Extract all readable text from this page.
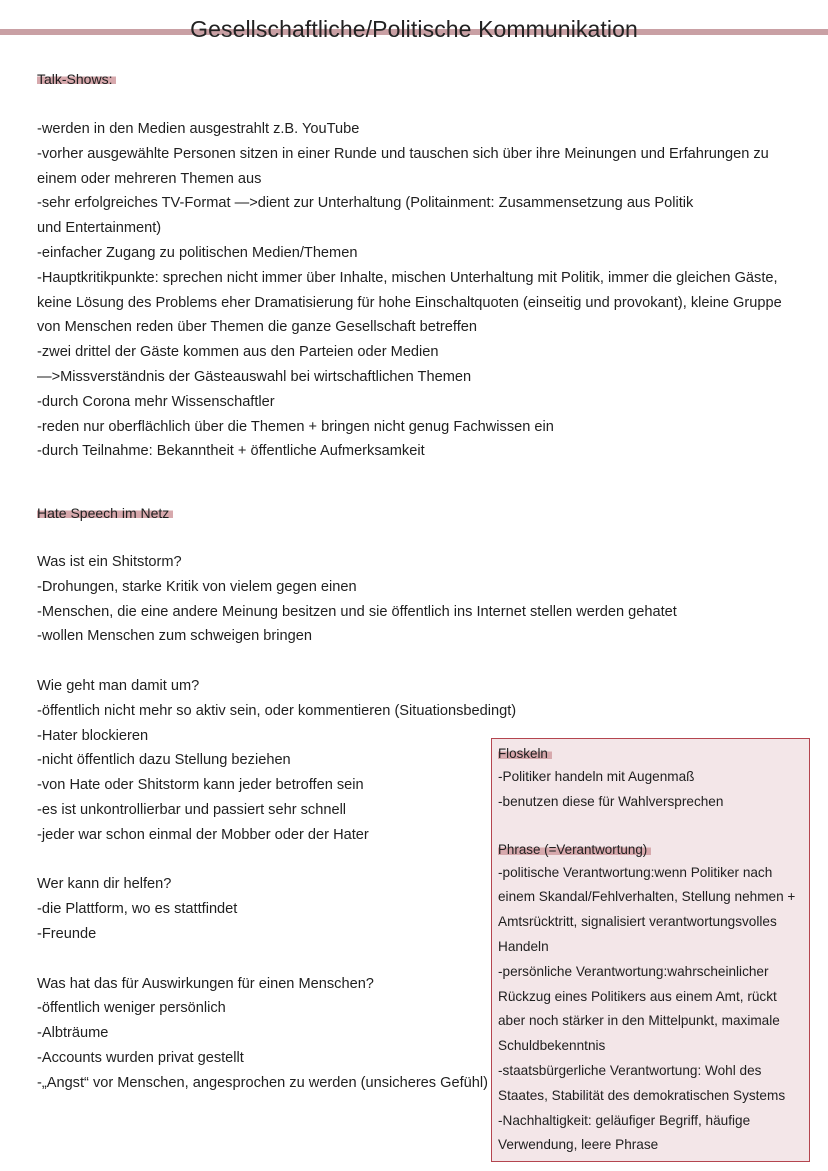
Gesellschaftliche/Politische Kommunikation
Talk-Shows:
-werden in den Medien ausgestrahlt z.B. YouTube
-vorher ausgewählte Personen sitzen in einer Runde und tauschen sich über ihre Meinungen und Erfahrungen zu einem oder mehreren Themen aus
-sehr erfolgreiches TV-Format —>dient zur Unterhaltung (Politainment: Zusammensetzung aus Politik und Entertainment)
-einfacher Zugang zu politischen Medien/Themen
-Hauptkritikpunkte: sprechen nicht immer über Inhalte, mischen Unterhaltung mit Politik, immer die gleichen Gäste, keine Lösung des Problems eher Dramatisierung für hohe Einschaltquoten (einseitig und provokant), kleine Gruppe von Menschen reden über Themen die ganze Gesellschaft betreffen
-zwei drittel der Gäste kommen aus den Parteien oder Medien
—>Missverständnis der Gästeauswahl bei wirtschaftlichen Themen
-durch Corona mehr Wissenschaftler
-reden nur oberflächlich über die Themen + bringen nicht genug Fachwissen ein
-durch Teilnahme: Bekanntheit + öffentliche Aufmerksamkeit
Hate Speech im Netz
Was ist ein Shitstorm?
-Drohungen, starke Kritik von vielem gegen einen
-Menschen, die eine andere Meinung besitzen und sie öffentlich ins Internet stellen werden gehatet
-wollen Menschen zum schweigen bringen
Wie geht man damit um?
-öffentlich nicht mehr so aktiv sein, oder kommentieren (Situationsbedingt)
-Hater blockieren
-nicht öffentlich dazu Stellung beziehen
-von Hate oder Shitstorm kann jeder betroffen sein
-es ist unkontrollierbar und passiert sehr schnell
-jeder war schon einmal der Mobber oder der Hater
Wer kann dir helfen?
-die Plattform, wo es stattfindet
-Freunde
Was hat das für Auswirkungen für einen Menschen?
-öffentlich weniger persönlich
-Albträume
-Accounts wurden privat gestellt
-„Angst“ vor Menschen, angesprochen zu werden (unsicheres Gefühl)
Floskeln
-Politiker handeln mit Augenmaß
-benutzen diese für Wahlversprechen
Phrase (=Verantwortung)
-politische Verantwortung:wenn Politiker nach einem Skandal/Fehlverhalten, Stellung nehmen + Amtsrücktritt, signalisiert verantwortungsvolles Handeln
-persönliche Verantwortung:wahrscheinlicher Rückzug eines Politikers aus einem Amt, rückt aber noch stärker in den Mittelpunkt, maximale Schuldbekenntnis
-staatsbürgerliche Verantwortung: Wohl des Staates, Stabilität des demokratischen Systems
-Nachhaltigkeit: geläufiger Begriff, häufige Verwendung, leere Phrase
